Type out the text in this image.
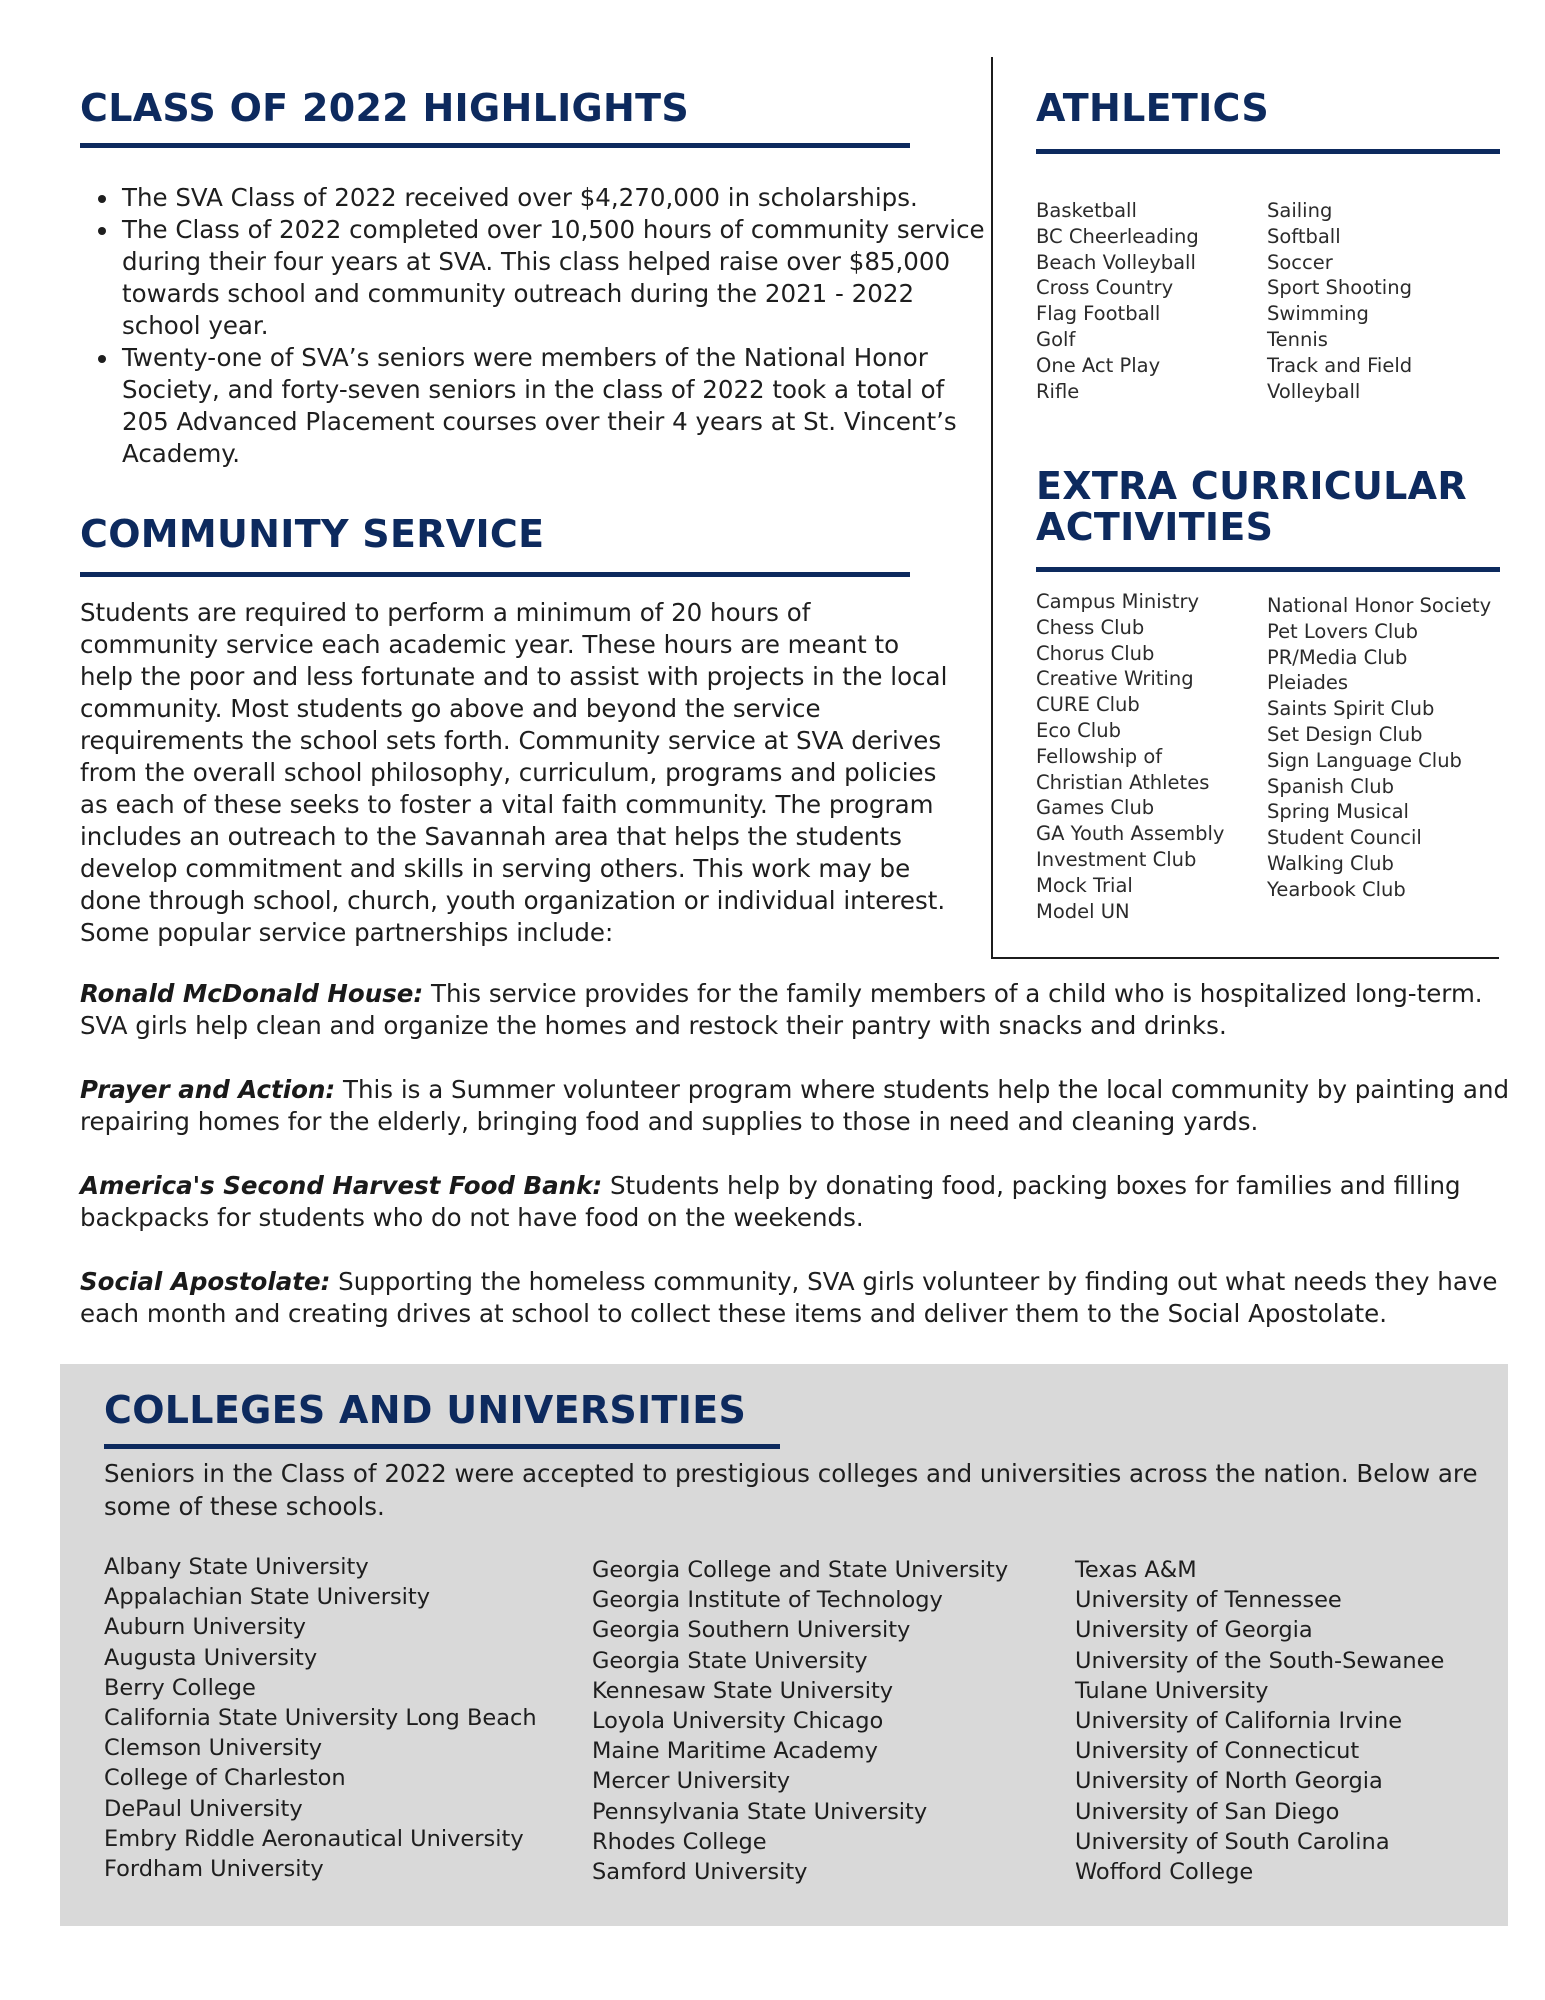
CLASS OF 2022 HIGHLIGHTS
• The SVA Class of 2022 received over $4,270,000 in scholarships.
• The Class of 2022 completed over 10,500 hours of community service during their four years at SVA. This class helped raise over $85,000 towards school and community outreach during the 2021 - 2022 school year.
• Twenty-one of SVA’s seniors were members of the National Honor Society, and forty-seven seniors in the class of 2022 took a total of 205 Advanced Placement courses over their 4 years at St. Vincent’s Academy.
COMMUNITY SERVICE

Students are required to perform a minimum of 20 hours of community service each academic year. These hours are meant to help the poor and less fortunate and to assist with projects in the local community. Most students go above and beyond the service requirements the school sets forth. Community service at SVA derives from the overall school philosophy, curriculum, programs and policies as each of these seeks to foster a vital faith community. The program includes an outreach to the Savannah area that helps the students develop commitment and skills in serving others. This work may be done through school, church, youth organization or individual interest. Some popular service partnerships include:

Ronald McDonald House: This service provides for the family members of a child who is hospitalized long-term. SVA girls help clean and organize the homes and restock their pantry with snacks and drinks.

Prayer and Action: This is a Summer volunteer program where students help the local community by painting and repairing homes for the elderly, bringing food and supplies to those in need and cleaning yards.

America's Second Harvest Food Bank: Students help by donating food, packing boxes for families and filling backpacks for students who do not have food on the weekends.

Social Apostolate: Supporting the homeless community, SVA girls volunteer by finding out what needs they have each month and creating drives at school to collect these items and deliver them to the Social Apostolate.

ATHLETICS
Basketball
BC Cheerleading
Beach Volleyball
Cross Country
Flag Football
Golf
One Act Play
Rifle
Sailing
Softball
Soccer
Sport Shooting
Swimming
Tennis
Track and Field
Volleyball
EXTRA CURRICULAR
ACTIVITIES
Campus Ministry
Chess Club
Chorus Club
Creative Writing
CURE Club
Eco Club
Fellowship of
Christian Athletes
Games Club
GA Youth Assembly
Investment Club
Mock Trial
Model UN
National Honor Society
Pet Lovers Club
PR/Media Club
Pleiades
Saints Spirit Club
Set Design Club
Sign Language Club
Spanish Club
Spring Musical
Student Council
Walking Club
Yearbook Club
COLLEGES AND UNIVERSITIES

Seniors in the Class of 2022 were accepted to prestigious colleges and universities across the nation. Below are some of these schools.

Albany State University
Appalachian State University
Auburn University
Augusta University
Berry College
California State University Long Beach
Clemson University
College of Charleston
DePaul University
Embry Riddle Aeronautical University
Fordham University
Georgia College and State University
Georgia Institute of Technology
Georgia Southern University
Georgia State University
Kennesaw State University
Loyola University Chicago
Maine Maritime Academy
Mercer University
Pennsylvania State University
Rhodes College
Samford University
Texas A&M
University of Tennessee
University of Georgia
University of the South-Sewanee
Tulane University
University of California Irvine
University of Connecticut
University of North Georgia
University of San Diego
University of South Carolina
Wofford College
